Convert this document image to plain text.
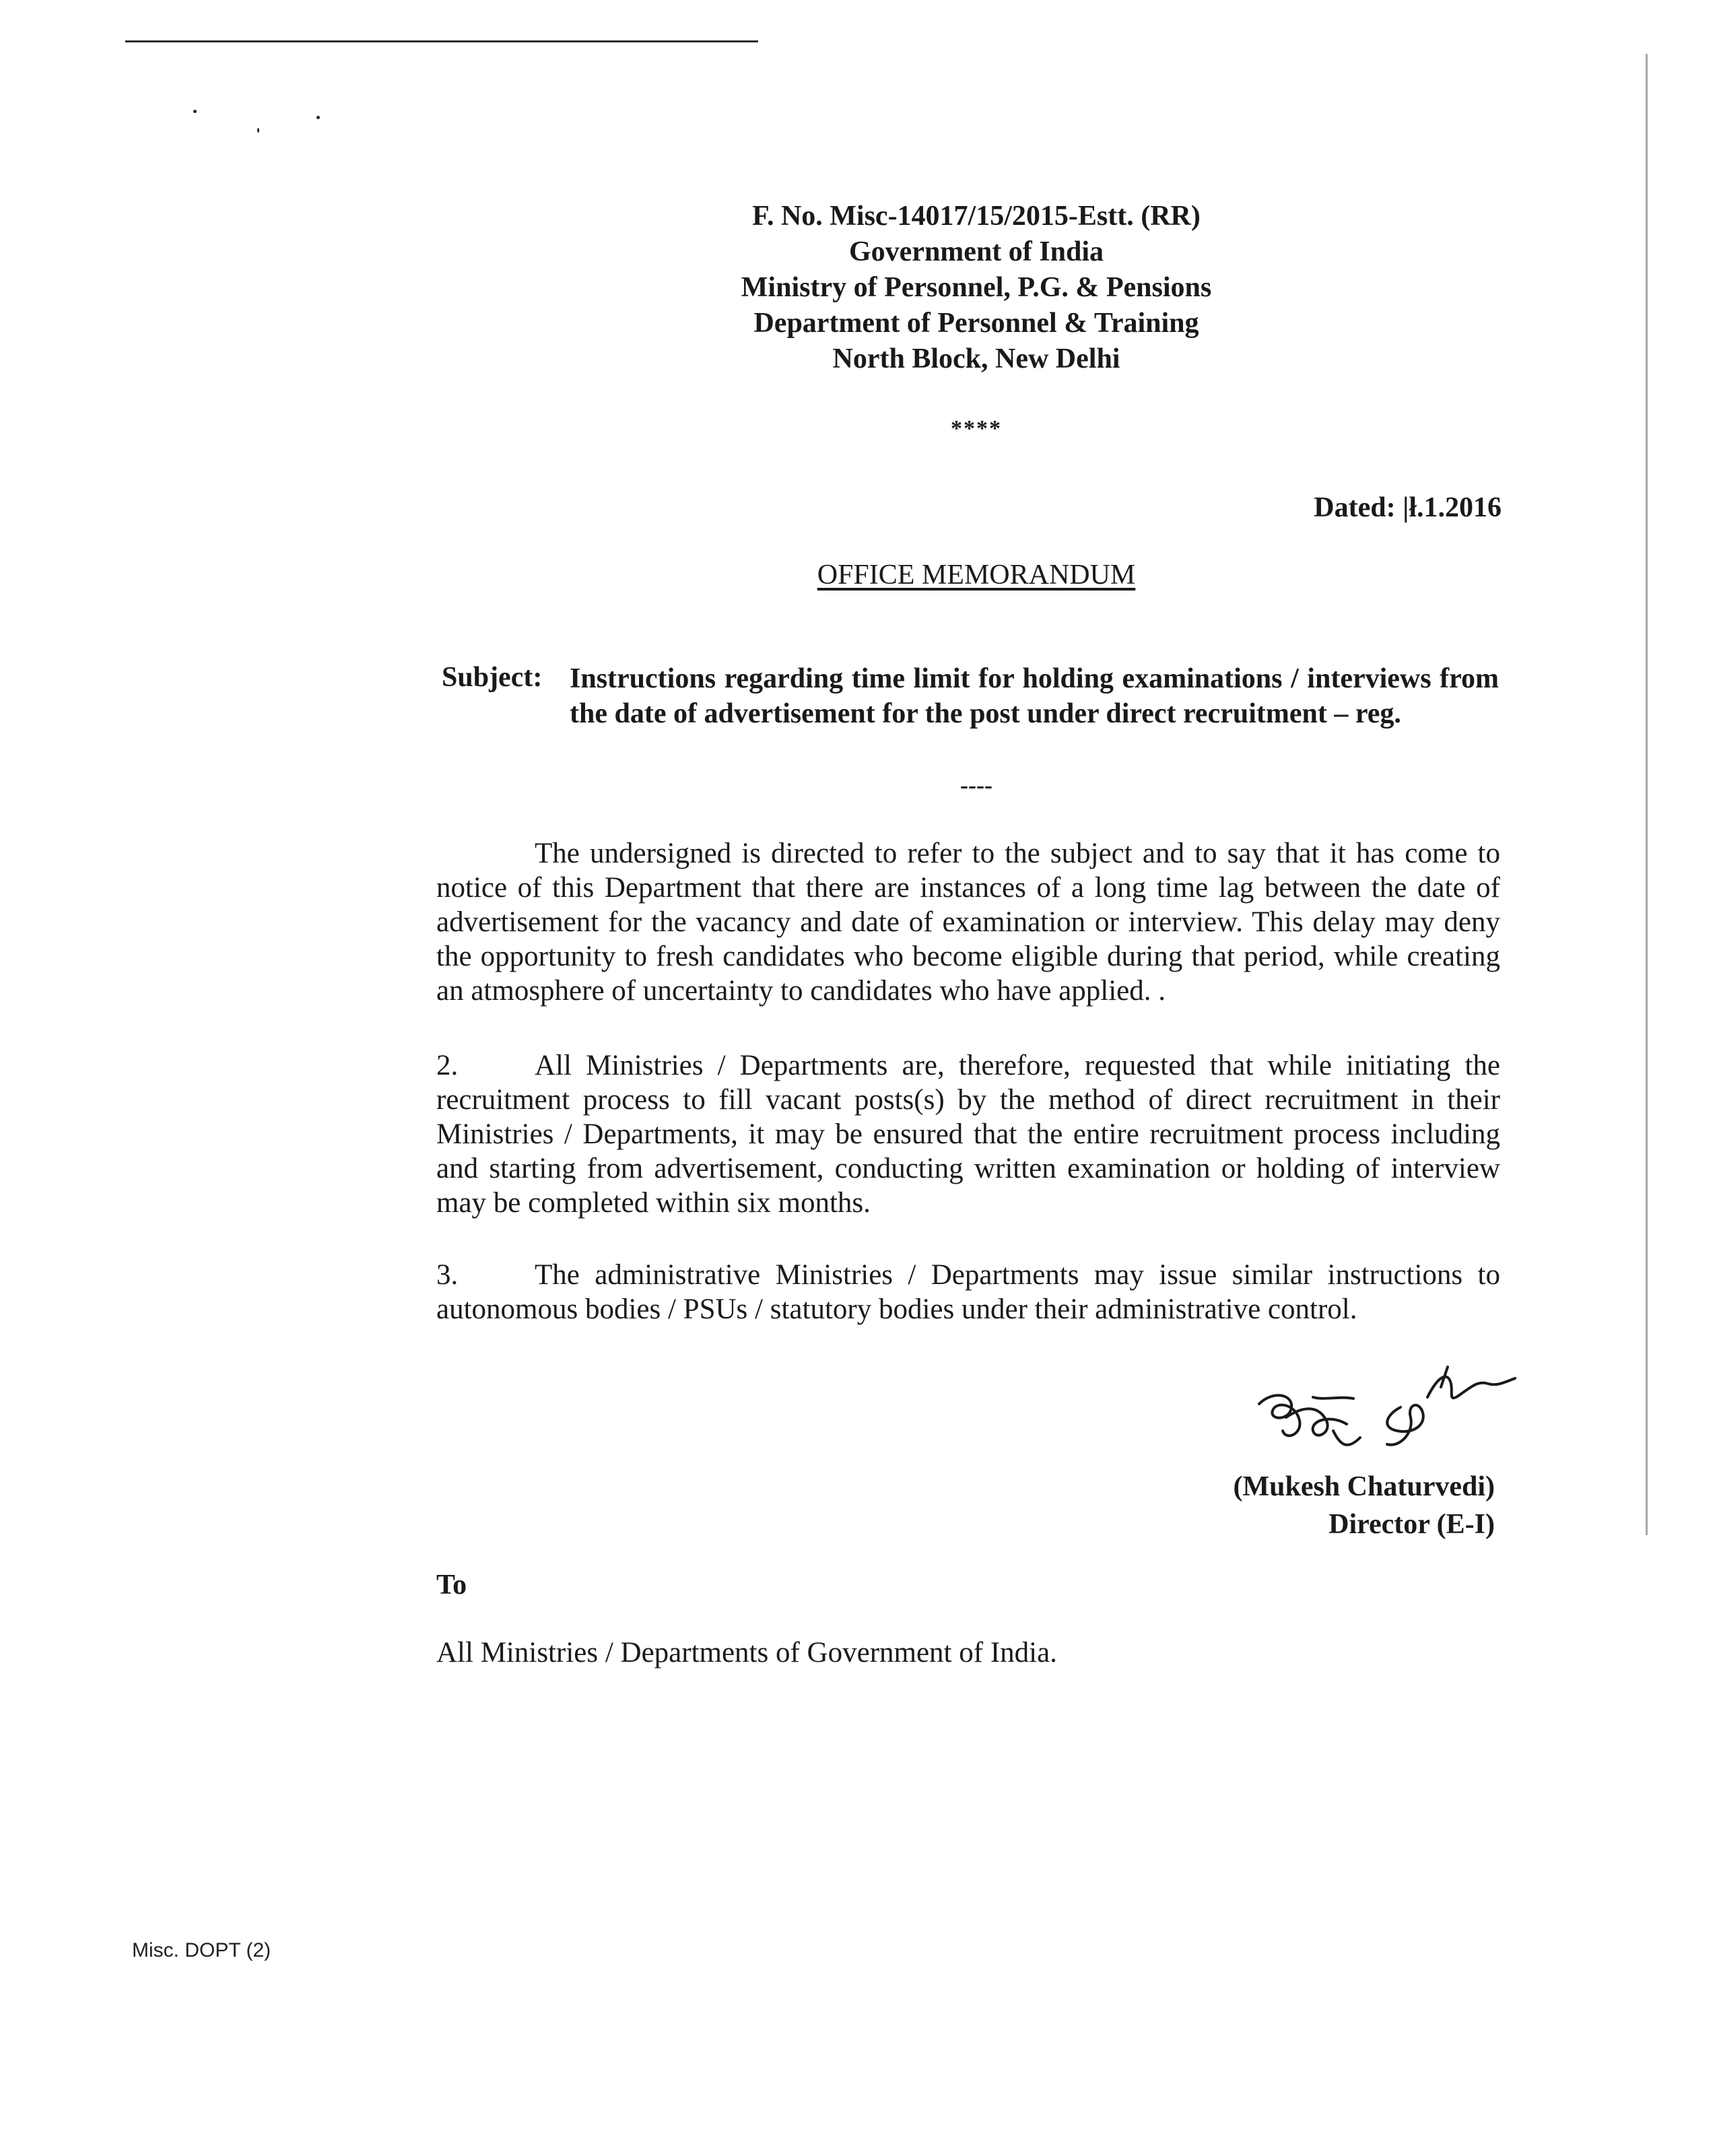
F. No. Misc-14017/15/2015-Estt. (RR)
Government of India
Ministry of Personnel, P.G. & Pensions
Department of Personnel & Training
North Block, New Delhi
****
Dated: |ł.1.2016
OFFICE MEMORANDUM
Subject: Instructions regarding time limit for holding examinations / interviews from the date of advertisement for the post under direct recruitment – reg.
----
The undersigned is directed to refer to the subject and to say that it has come to notice of this Department that there are instances of a long time lag between the date of advertisement for the vacancy and date of examination or interview. This delay may deny the opportunity to fresh candidates who become eligible during that period, while creating an atmosphere of uncertainty to candidates who have applied. .
2.	All Ministries / Departments are, therefore, requested that while initiating the recruitment process to fill vacant posts(s) by the method of direct recruitment in their Ministries / Departments, it may be ensured that the entire recruitment process including and starting from advertisement, conducting written examination or holding of interview may be completed within six months.
3.	The administrative Ministries / Departments may issue similar instructions to autonomous bodies / PSUs / statutory bodies under their administrative control.
(Mukesh Chaturvedi)
Director (E-I)
To
All Ministries / Departments of Government of India.
Misc. DOPT (2)
